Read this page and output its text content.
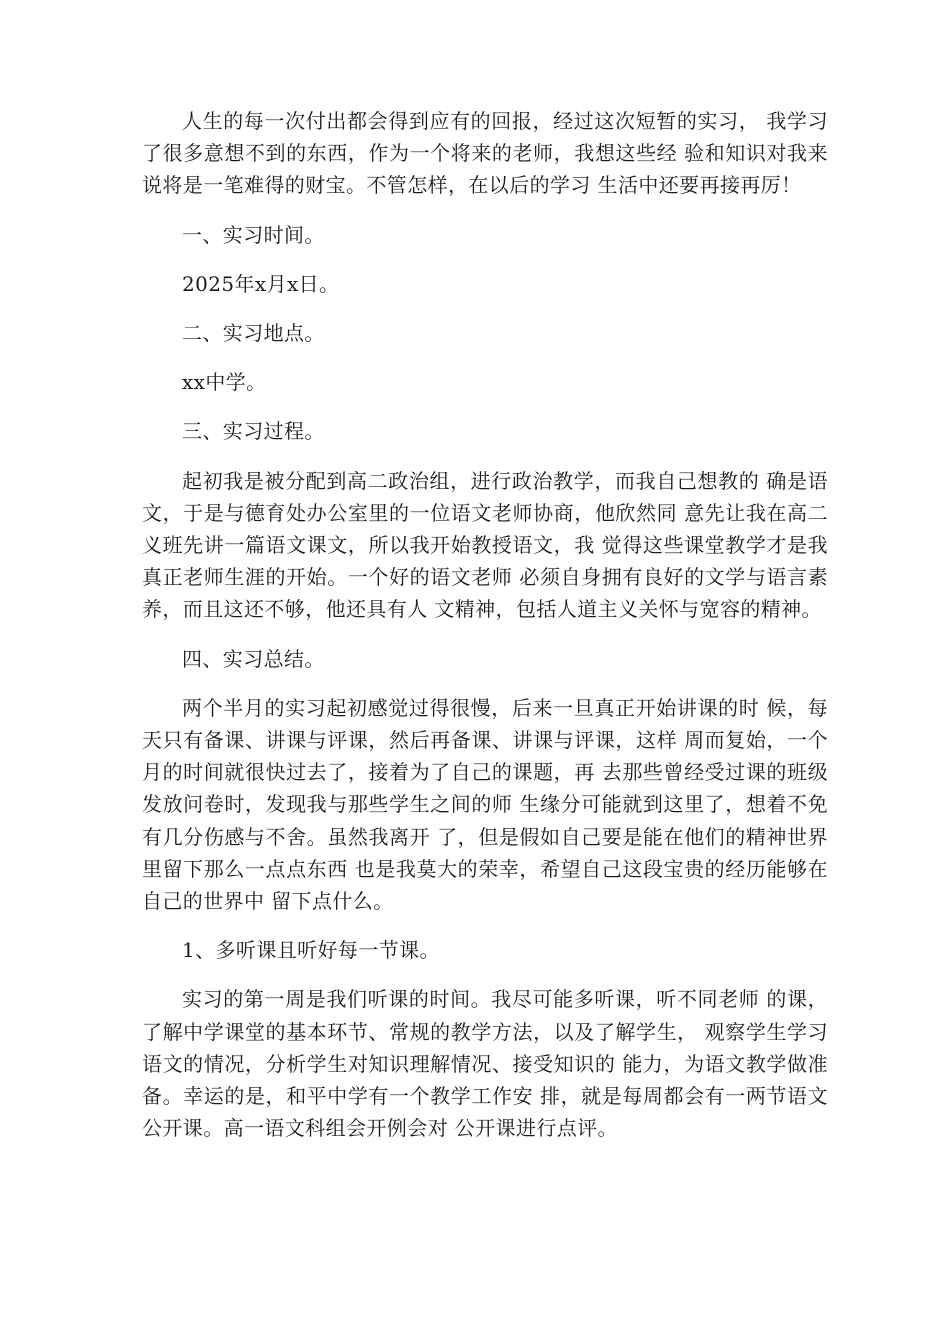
人生的每一次付出都会得到应有的回报，经过这次短暂的实习， 我学习了很多意想不到的东西，作为一个将来的老师，我想这些经 验和知识对我来说将是一笔难得的财宝。不管怎样，在以后的学习 生活中还要再接再厉！

一、实习时间。

2025年x月x日。

二、实习地点。

xx中学。

三、实习过程。

起初我是被分配到高二政治组，进行政治教学，而我自己想教的 确是语文，于是与德育处办公室里的一位语文老师协商，他欣然同 意先让我在高二义班先讲一篇语文课文，所以我开始教授语文，我 觉得这些课堂教学才是我真正老师生涯的开始。一个好的语文老师 必须自身拥有良好的文学与语言素养，而且这还不够，他还具有人 文精神，包括人道主义关怀与宽容的精神。

四、实习总结。

两个半月的实习起初感觉过得很慢，后来一旦真正开始讲课的时 候，每天只有备课、讲课与评课，然后再备课、讲课与评课，这样 周而复始，一个月的时间就很快过去了，接着为了自己的课题，再 去那些曾经受过课的班级发放问卷时，发现我与那些学生之间的师 生缘分可能就到这里了，想着不免有几分伤感与不舍。虽然我离开 了，但是假如自己要是能在他们的精神世界里留下那么一点点东西 也是我莫大的荣幸，希望自己这段宝贵的经历能够在自己的世界中 留下点什么。

1、多听课且听好每一节课。

实习的第一周是我们听课的时间。我尽可能多听课，听不同老师 的课，了解中学课堂的基本环节、常规的教学方法，以及了解学生， 观察学生学习语文的情况，分析学生对知识理解情况、接受知识的 能力，为语文教学做准备。幸运的是，和平中学有一个教学工作安 排，就是每周都会有一两节语文公开课。高一语文科组会开例会对 公开课进行点评。
